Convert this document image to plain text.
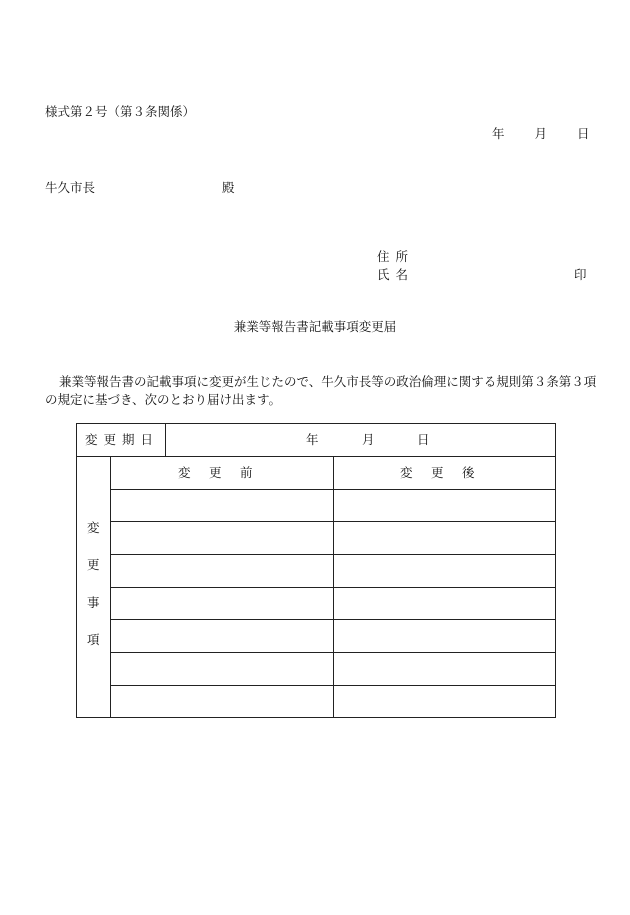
様式第２号（第３条関係）
年 月 日
牛久市長	殿
住所
氏名	印
兼業等報告書記載事項変更届
兼業等報告書の記載事項に変更が生じたので、牛久市長等の政治倫理に関する規則第３条第３項の規定に基づき、次のとおり届け出ます。
変更期日	年	月	日
変　更　前	変　更　後
変
更
事
項
